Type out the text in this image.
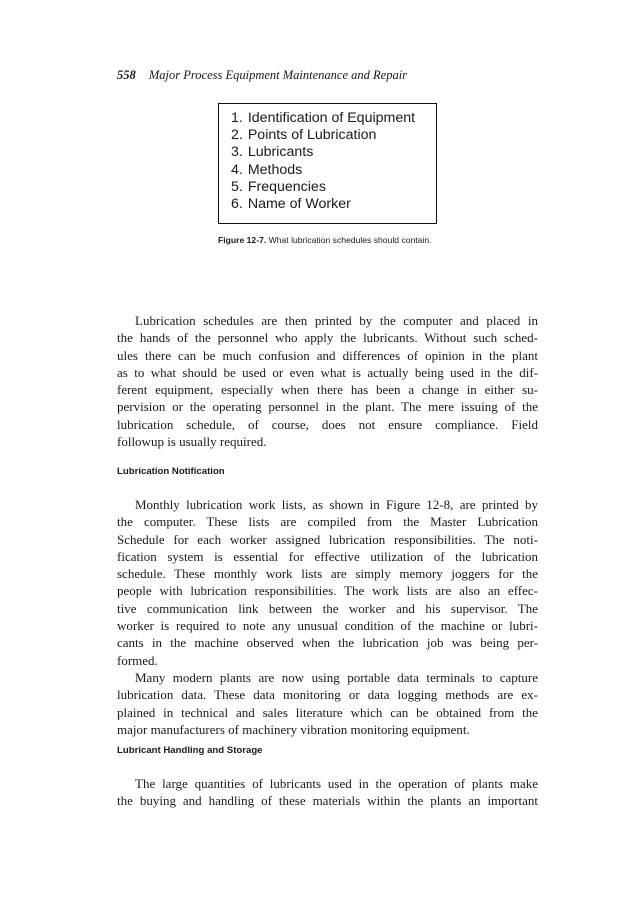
558 Major Process Equipment Maintenance and Repair
1. Identification of Equipment
2. Points of Lubrication
3. Lubricants
4. Methods
5. Frequencies
6. Name of Worker
Figure 12-7. What lubrication schedules should contain.

Lubrication schedules are then printed by the computer and placed in
the hands of the personnel who apply the lubricants. Without such sched-
ules there can be much confusion and differences of opinion in the plant
as to what should be used or even what is actually being used in the dif-
ferent equipment, especially when there has been a change in either su-
pervision or the operating personnel in the plant. The mere issuing of the
lubrication schedule, of course, does not ensure compliance. Field
followup is usually required.

Lubrication Notification

Monthly lubrication work lists, as shown in Figure 12-8, are printed by
the computer. These lists are compiled from the Master Lubrication
Schedule for each worker assigned lubrication responsibilities. The noti-
fication system is essential for effective utilization of the lubrication
schedule. These monthly work lists are simply memory joggers for the
people with lubrication responsibilities. The work lists are also an effec-
tive communication link between the worker and his supervisor. The
worker is required to note any unusual condition of the machine or lubri-
cants in the machine observed when the lubrication job was being per-
formed.

Many modern plants are now using portable data terminals to capture
lubrication data. These data monitoring or data logging methods are ex-
plained in technical and sales literature which can be obtained from the
major manufacturers of machinery vibration monitoring equipment.

Lubricant Handling and Storage

The large quantities of lubricants used in the operation of plants make
the buying and handling of these materials within the plants an important
